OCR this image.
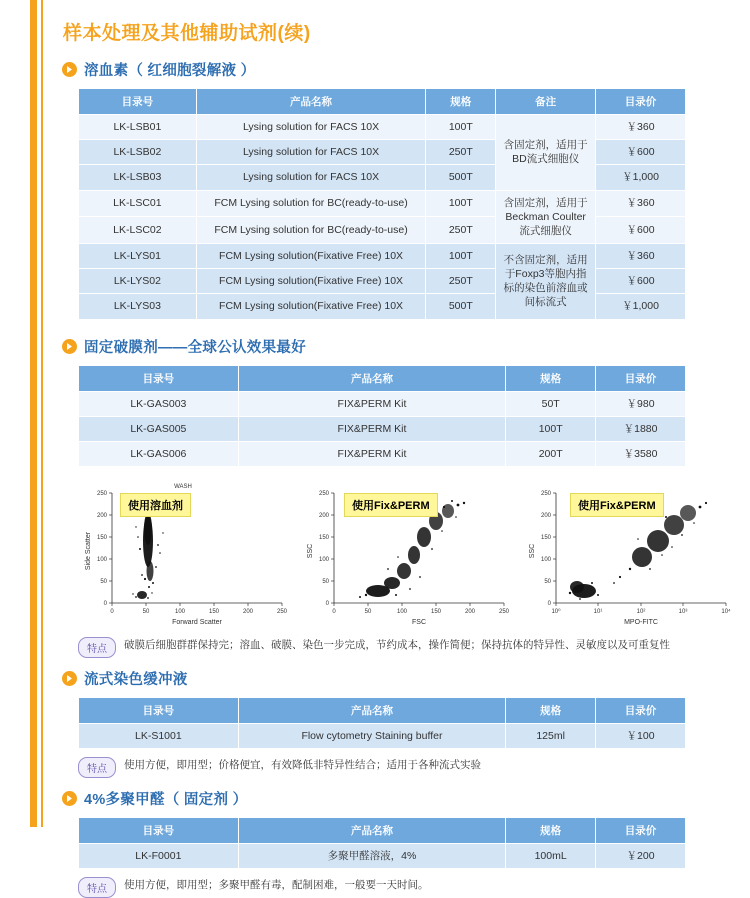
样本处理及其他辅助试剂(续)
溶血素（ 红细胞裂解液 ）
目录号	产品名称	规格	备注	目录价
LK-LSB01	Lysing solution for FACS 10X	100T	含固定剂，适用于BD流式细胞仪	￥360
LK-LSB02	Lysing solution for FACS 10X	250T		￥600
LK-LSB03	Lysing solution for FACS 10X	500T		￥1,000
LK-LSC01	FCM Lysing solution for BC(ready-to-use)	100T	含固定剂，适用于Beckman Coulter流式细胞仪	￥360
LK-LSC02	FCM Lysing solution for BC(ready-to-use)	250T		￥600
LK-LYS01	FCM Lysing solution(Fixative Free) 10X	100T	不含固定剂，适用于Foxp3等胞内指标的染色前溶血或间标流式	￥360
LK-LYS02	FCM Lysing solution(Fixative Free) 10X	250T		￥600
LK-LYS03	FCM Lysing solution(Fixative Free) 10X	500T		￥1,000
固定破膜剂——全球公认效果最好
目录号	产品名称	规格	目录价
LK-GAS003	FIX&PERM Kit	50T	￥980
LK-GAS005	FIX&PERM Kit	100T	￥1880
LK-GAS006	FIX&PERM Kit	200T	￥3580
WASH
0
50
100
150
200
250
0	50	100	150	200	250
Forward Scatter
Side Scatter
使用溶血剂
0
50
100
150
200
250
0	50	100	150	200	250
FSC
SSC
使用Fix&PERM
0
50
100
150
200
250
10⁰	10¹	10²	10³	10⁴
MPO-FITC
SSC
使用Fix&PERM
特点	破膜后细胞群群保持完；溶血、破膜、染色一步完成，节约成本，操作简便；保持抗体的特异性、灵敏度以及可重复性
流式染色缓冲液
目录号	产品名称	规格	目录价
LK-S1001	Flow cytometry Staining buffer	125ml	￥100
特点	使用方便，即用型；价格便宜，有效降低非特异性结合；适用于各种流式实验
4%多聚甲醛（ 固定剂 ）
目录号	产品名称	规格	目录价
LK-F0001	多聚甲醛溶液，4%	100mL	￥200
特点	使用方便，即用型；多聚甲醛有毒，配制困难，一般要一天时间。
